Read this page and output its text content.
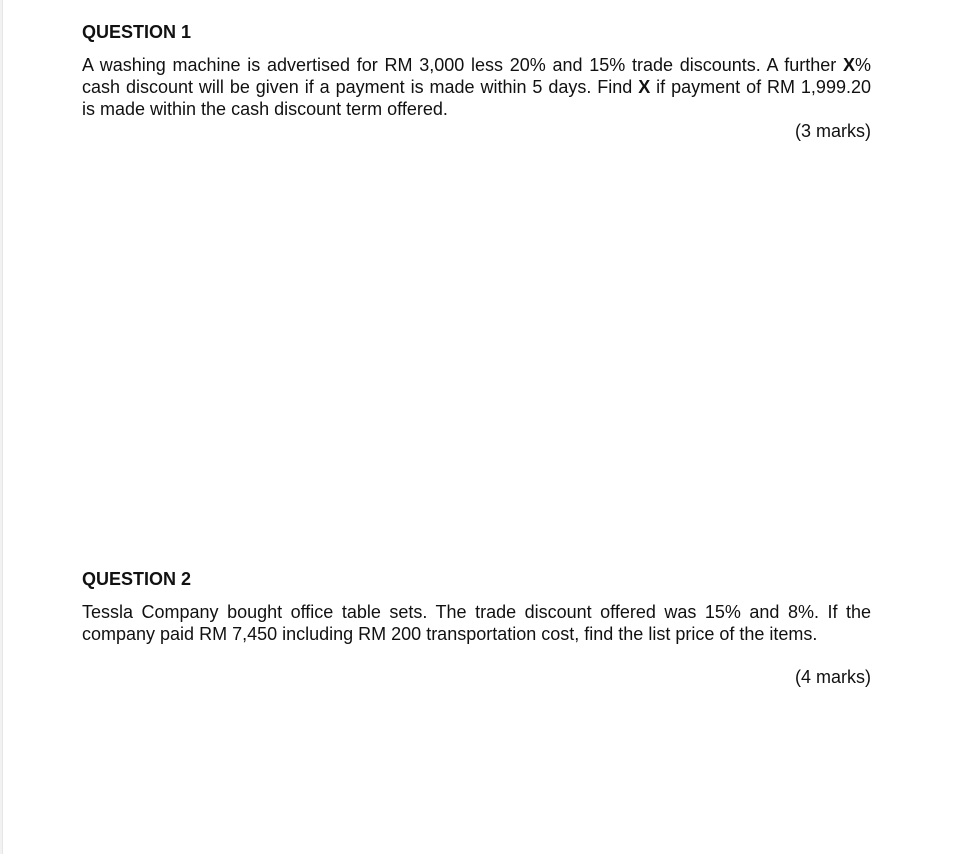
QUESTION 1

A washing machine is advertised for RM 3,000 less 20% and 15% trade discounts. A further X% cash discount will be given if a payment is made within 5 days. Find X if payment of RM 1,999.20 is made within the cash discount term offered.

(3 marks)

QUESTION 2

Tessla Company bought office table sets. The trade discount offered was 15% and 8%. If the company paid RM 7,450 including RM 200 transportation cost, find the list price of the items.

(4 marks)
